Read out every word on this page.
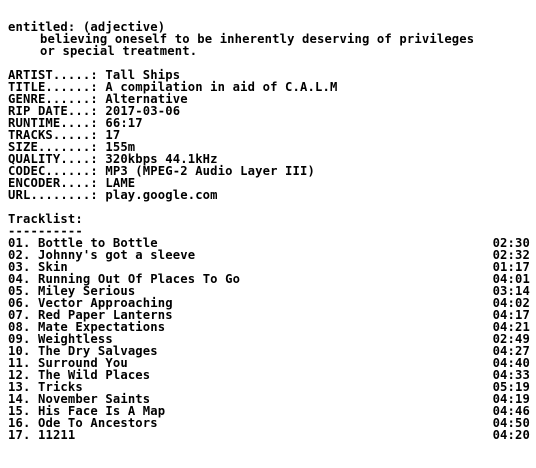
entitled: (adjective)
believing oneself to be inherently deserving of privileges
or special treatment.
ARTIST.....: Tall Ships
TITLE......: A compilation in aid of C.A.L.M
GENRE......: Alternative
RIP DATE...: 2017-03-06
RUNTIME....: 66:17
TRACKS.....: 17
SIZE.......: 155m
QUALITY....: 320kbps 44.1kHz
CODEC......: MP3 (MPEG-2 Audio Layer III)
ENCODER....: LAME
URL........: play.google.com
Tracklist:
----------
01. Bottle to Bottle	02:30
02. Johnny's got a sleeve	02:32
03. Skin	01:17
04. Running Out Of Places To Go	04:01
05. Miley Serious	03:14
06. Vector Approaching	04:02
07. Red Paper Lanterns	04:17
08. Mate Expectations	04:21
09. Weightless	02:49
10. The Dry Salvages	04:27
11. Surround You	04:40
12. The Wild Places	04:33
13. Tricks	05:19
14. November Saints	04:19
15. His Face Is A Map	04:46
16. Ode To Ancestors	04:50
17. 11211	04:20
